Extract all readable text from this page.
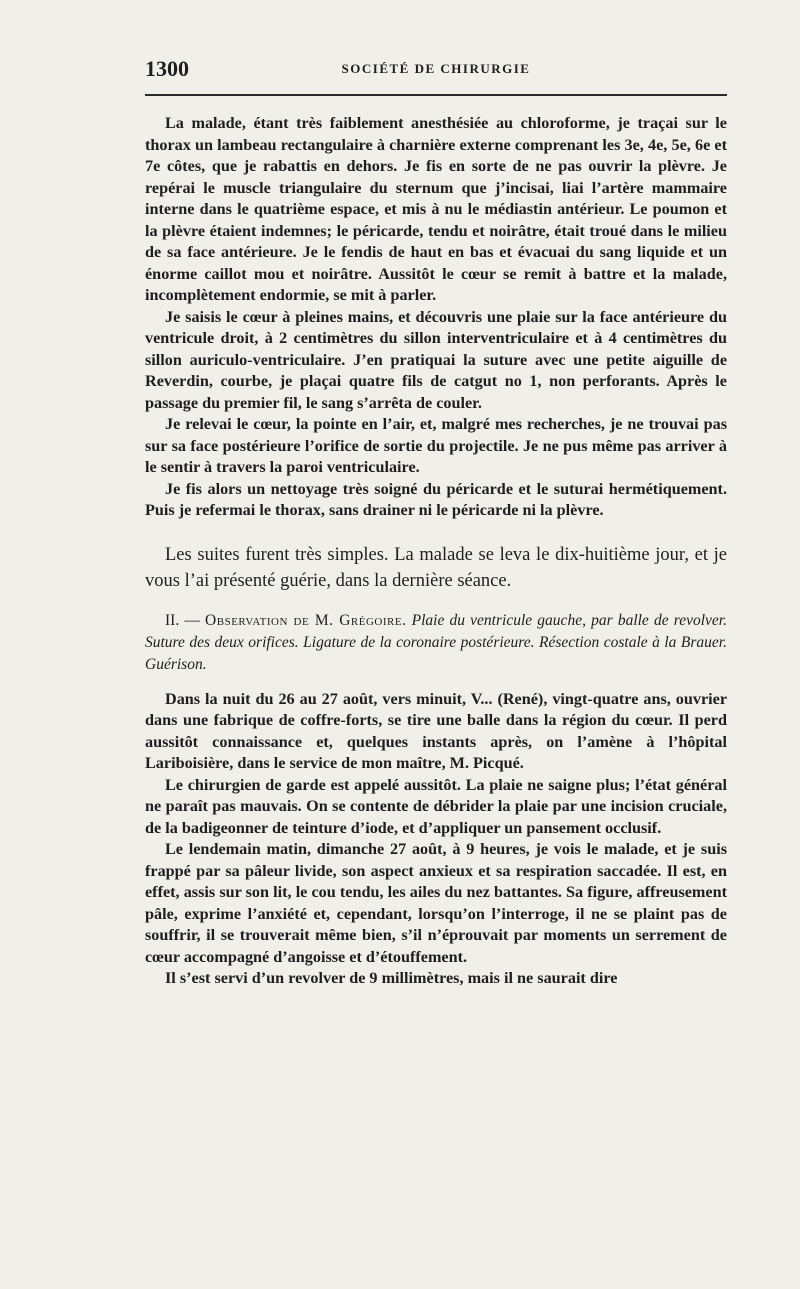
1300	SOCIÉTÉ DE CHIRURGIE

La malade, étant très faiblement anesthésiée au chloroforme, je traçai sur le thorax un lambeau rectangulaire à charnière externe comprenant les 3e, 4e, 5e, 6e et 7e côtes, que je rabattis en dehors. Je fis en sorte de ne pas ouvrir la plèvre. Je repérai le muscle triangulaire du sternum que j’incisai, liai l’artère mammaire interne dans le quatrième espace, et mis à nu le médiastin antérieur. Le poumon et la plèvre étaient indemnes; le péricarde, tendu et noirâtre, était troué dans le milieu de sa face antérieure. Je le fendis de haut en bas et évacuai du sang liquide et un énorme caillot mou et noirâtre. Aussitôt le cœur se remit à battre et la malade, incomplètement endormie, se mit à parler.

Je saisis le cœur à pleines mains, et découvris une plaie sur la face antérieure du ventricule droit, à 2 centimètres du sillon interventriculaire et à 4 centimètres du sillon auriculo-ventriculaire. J’en pratiquai la suture avec une petite aiguille de Reverdin, courbe, je plaçai quatre fils de catgut no 1, non perforants. Après le passage du premier fil, le sang s’arrêta de couler.

Je relevai le cœur, la pointe en l’air, et, malgré mes recherches, je ne trouvai pas sur sa face postérieure l’orifice de sortie du projectile. Je ne pus même pas arriver à le sentir à travers la paroi ventriculaire.

Je fis alors un nettoyage très soigné du péricarde et le suturai hermétiquement. Puis je refermai le thorax, sans drainer ni le péricarde ni la plèvre.

Les suites furent très simples. La malade se leva le dix-huitième jour, et je vous l’ai présenté guérie, dans la dernière séance.

II. — Observation de M. Grégoire. Plaie du ventricule gauche, par balle de revolver. Suture des deux orifices. Ligature de la coronaire postérieure. Résection costale à la Brauer. Guérison.

Dans la nuit du 26 au 27 août, vers minuit, V... (René), vingt-quatre ans, ouvrier dans une fabrique de coffre-forts, se tire une balle dans la région du cœur. Il perd aussitôt connaissance et, quelques instants après, on l’amène à l’hôpital Lariboisière, dans le service de mon maître, M. Picqué.

Le chirurgien de garde est appelé aussitôt. La plaie ne saigne plus; l’état général ne paraît pas mauvais. On se contente de débrider la plaie par une incision cruciale, de la badigeonner de teinture d’iode, et d’appliquer un pansement occlusif.

Le lendemain matin, dimanche 27 août, à 9 heures, je vois le malade, et je suis frappé par sa pâleur livide, son aspect anxieux et sa respiration saccadée. Il est, en effet, assis sur son lit, le cou tendu, les ailes du nez battantes. Sa figure, affreusement pâle, exprime l’anxiété et, cependant, lorsqu’on l’interroge, il ne se plaint pas de souffrir, il se trouverait même bien, s’il n’éprouvait par moments un serrement de cœur accompagné d’angoisse et d’étouffement.

Il s’est servi d’un revolver de 9 millimètres, mais il ne saurait dire
